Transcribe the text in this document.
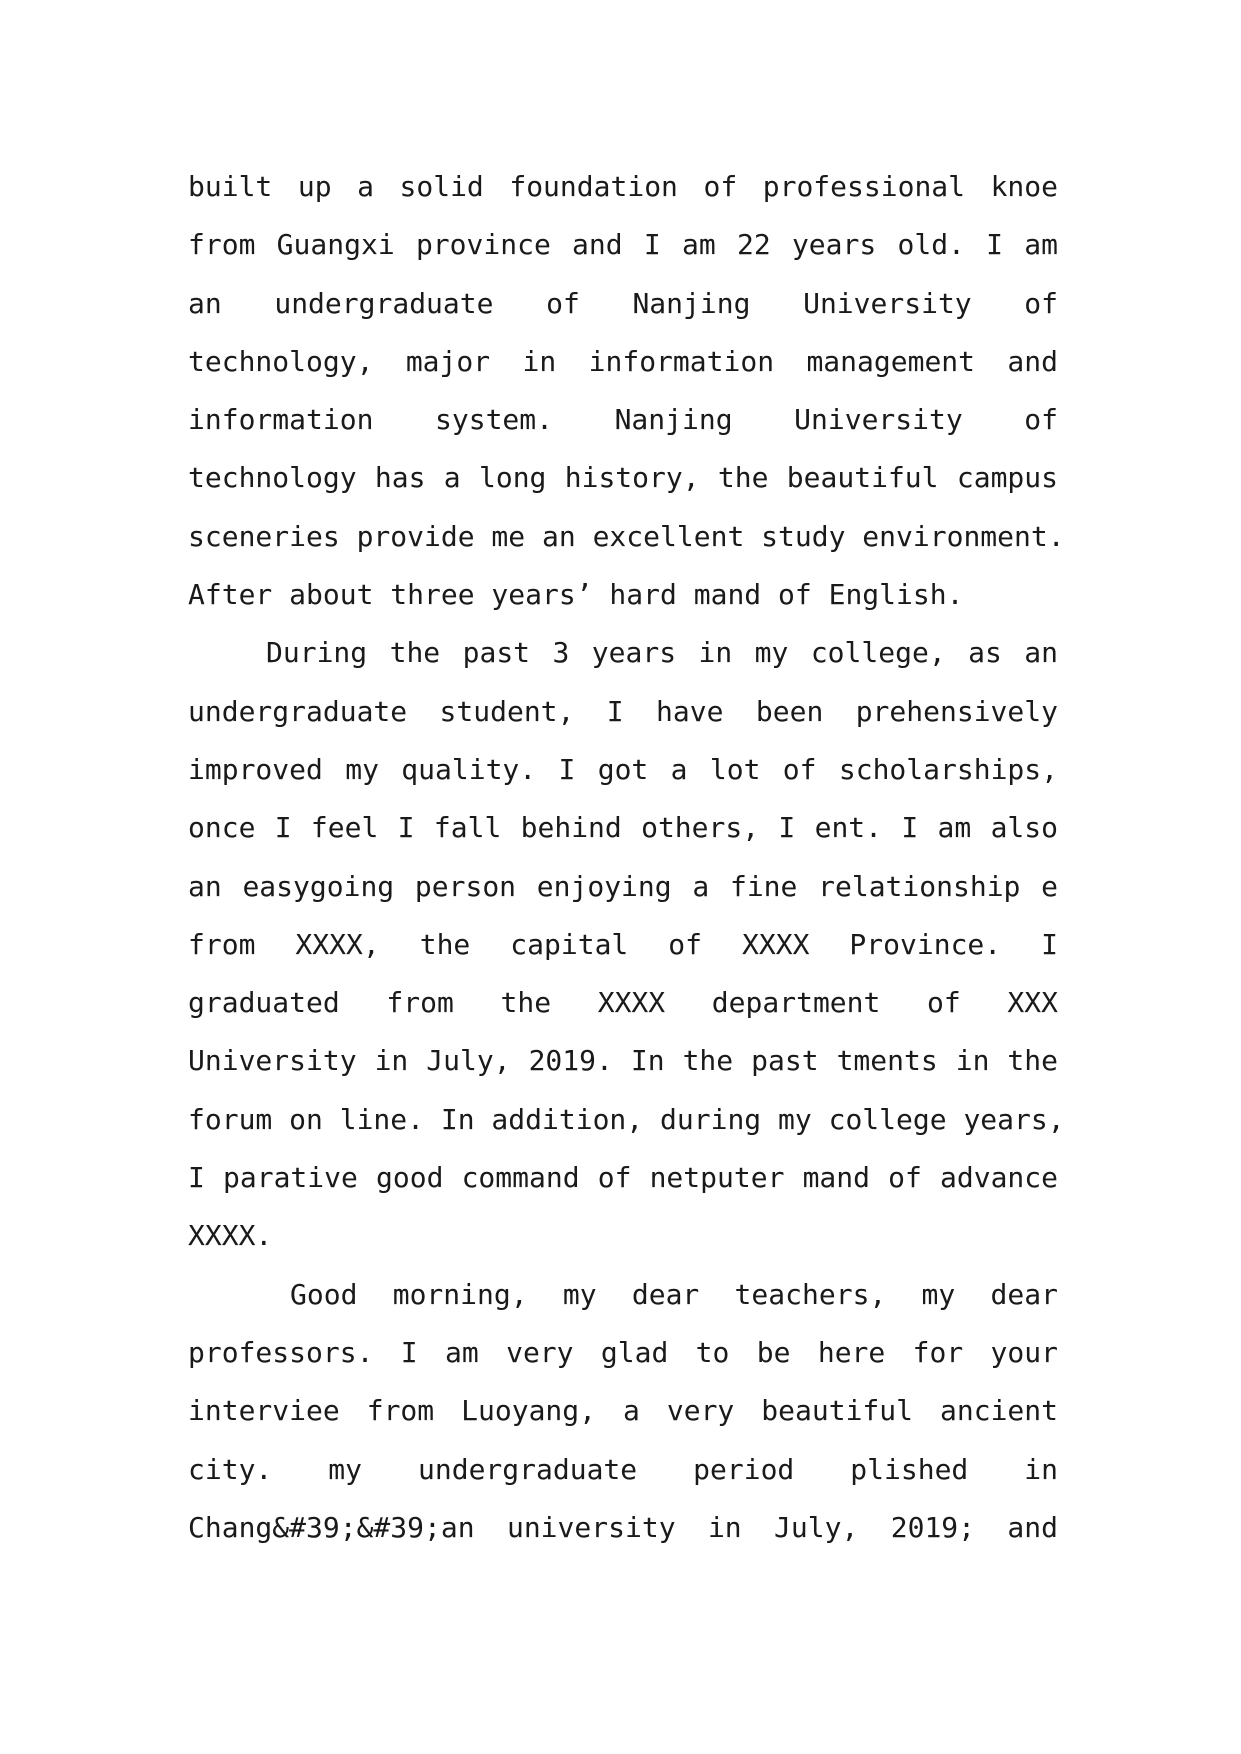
built up a solid foundation of professional knoe
from Guangxi province and I am 22 years old. I am
an undergraduate of Nanjing University of
technology, major in information management and
information system. Nanjing University of
technology has a long history, the beautiful campus
sceneries provide me an excellent study environment.
After about three years’ hard mand of English.
During the past 3 years in my college, as an
undergraduate student, I have been prehensively
improved my quality. I got a lot of scholarships,
once I feel I fall behind others, I ent. I am also
an easygoing person enjoying a fine relationship e
from XXXX, the capital of XXXX Province. I
graduated from the XXXX department of XXX
University in July, 2019. In the past tments in the
forum on line. In addition, during my college years,
I parative good command of netputer mand of advance
XXXX.
Good morning, my dear teachers, my dear
professors. I am very glad to be here for your
interviee from Luoyang, a very beautiful ancient
city. my undergraduate period plished in
Chang&#39;&#39;an university in July, 2019; and
